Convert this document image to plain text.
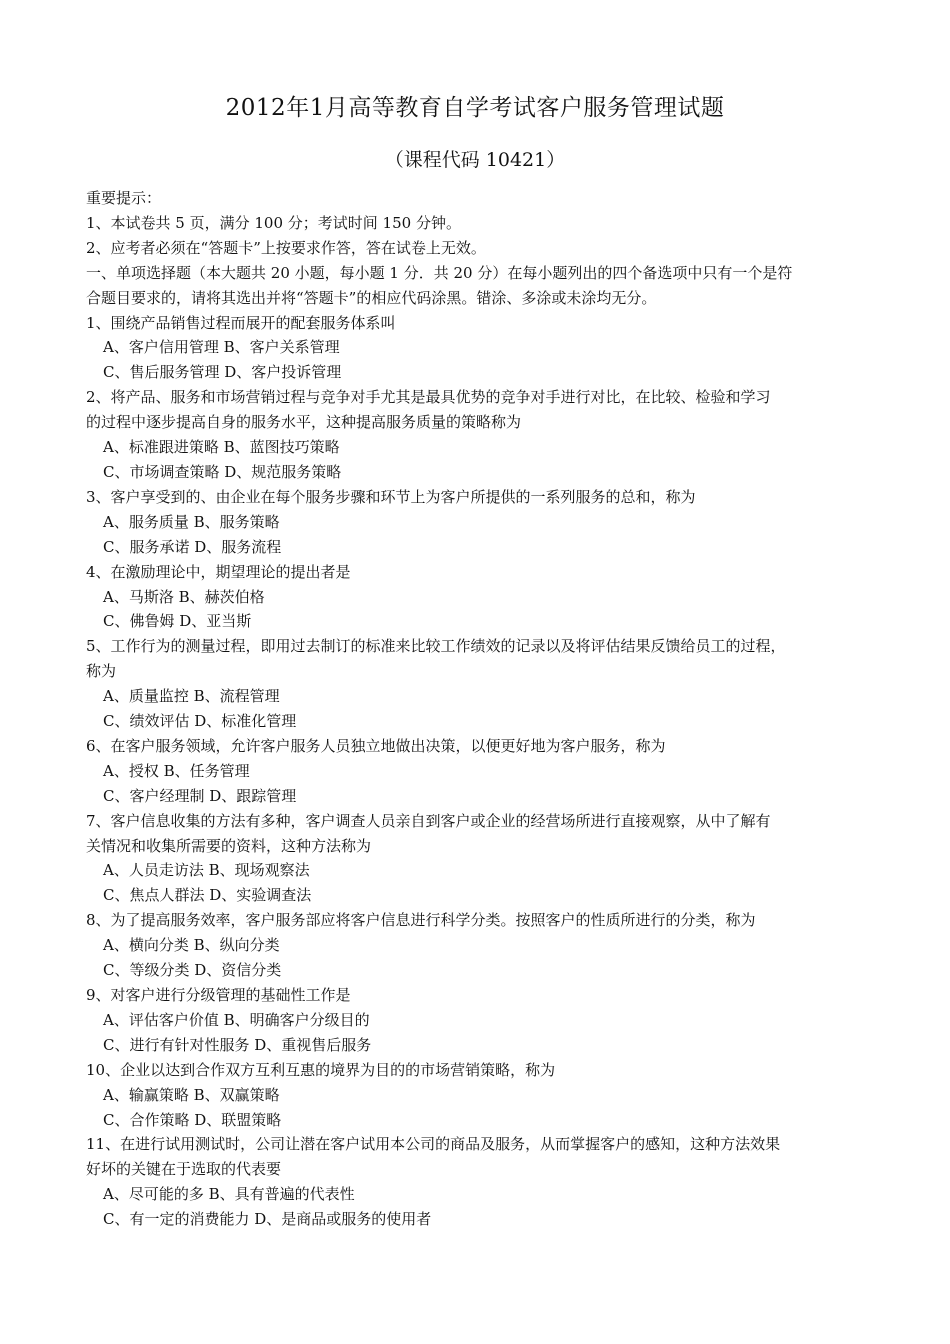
2012年1月高等教育自学考试客户服务管理试题
（课程代码 10421）

重要提示：

1、本试卷共 5 页，满分 100 分；考试时间 150 分钟。

2、应考者必须在“答题卡”上按要求作答，答在试卷上无效。

一、单项选择题（本大题共 20 小题，每小题 1 分．共 20 分）在每小题列出的四个备选项中只有一个是符

合题目要求的，请将其选出并将“答题卡”的相应代码涂黑。错涂、多涂或未涂均无分。

1、围绕产品销售过程而展开的配套服务体系叫

A、客户信用管理 B、客户关系管理

C、售后服务管理 D、客户投诉管理

2、将产品、服务和市场营销过程与竞争对手尤其是最具优势的竞争对手进行对比，在比较、检验和学习

的过程中逐步提高自身的服务水平，这种提高服务质量的策略称为

A、标准跟进策略 B、蓝图技巧策略

C、市场调查策略 D、规范服务策略

3、客户享受到的、由企业在每个服务步骤和环节上为客户所提供的一系列服务的总和，称为

A、服务质量 B、服务策略

C、服务承诺 D、服务流程

4、在激励理论中，期望理论的提出者是

A、马斯洛 B、赫茨伯格

C、佛鲁姆 D、亚当斯

5、工作行为的测量过程，即用过去制订的标准来比较工作绩效的记录以及将评估结果反馈给员工的过程，

称为

A、质量监控 B、流程管理

C、绩效评估 D、标准化管理

6、在客户服务领域，允许客户服务人员独立地做出决策，以便更好地为客户服务，称为

A、授权 B、任务管理

C、客户经理制 D、跟踪管理

7、客户信息收集的方法有多种，客户调查人员亲自到客户或企业的经营场所进行直接观察，从中了解有

关情况和收集所需要的资料，这种方法称为

A、人员走访法 B、现场观察法

C、焦点人群法 D、实验调查法

8、为了提高服务效率，客户服务部应将客户信息进行科学分类。按照客户的性质所进行的分类，称为

A、横向分类 B、纵向分类

C、等级分类 D、资信分类

9、对客户进行分级管理的基础性工作是

A、评估客户价值 B、明确客户分级目的

C、进行有针对性服务 D、重视售后服务

10、企业以达到合作双方互利互惠的境界为目的的市场营销策略，称为

A、输赢策略 B、双赢策略

C、合作策略 D、联盟策略

11、在进行试用测试时，公司让潜在客户试用本公司的商品及服务，从而掌握客户的感知，这种方法效果

好坏的关键在于选取的代表要

A、尽可能的多 B、具有普遍的代表性

C、有一定的消费能力 D、是商品或服务的使用者
